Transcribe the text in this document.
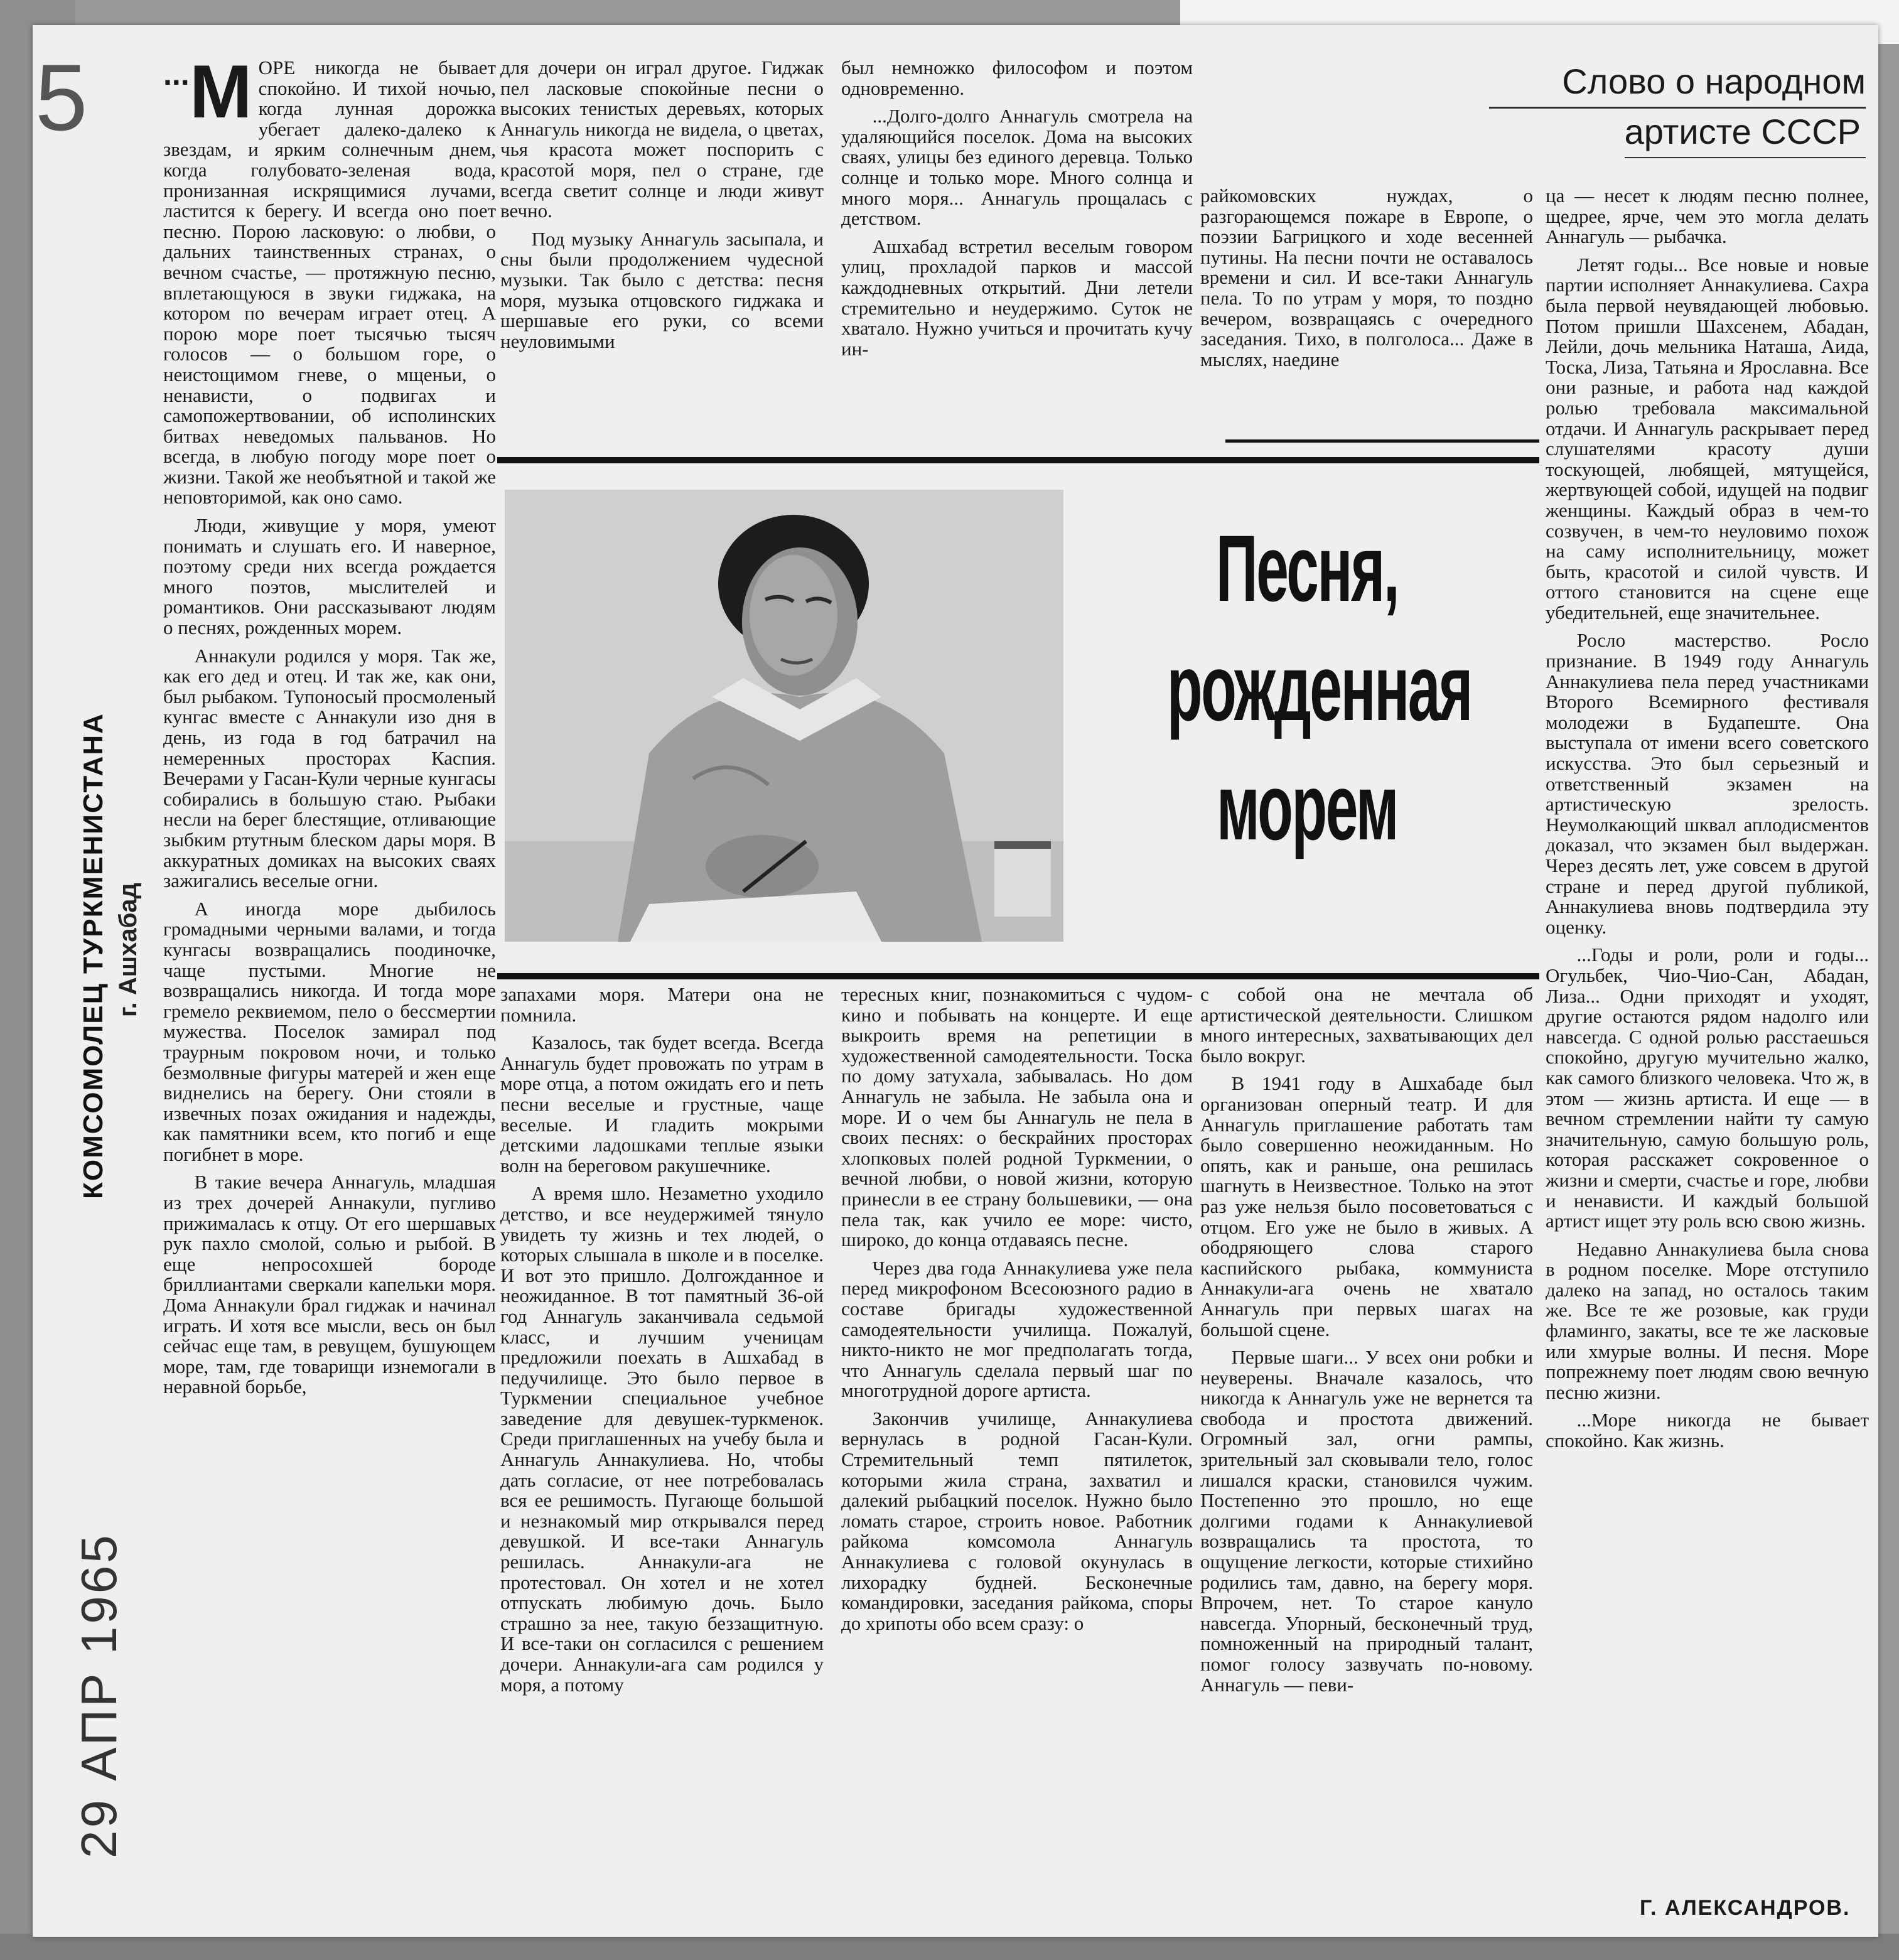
5
КОМСОМОЛЕЦ ТУРКМЕНИСТАНА г. Ашхабад
29 АПР 1965

...М ОРЕ никогда не бывает спокойно. И тихой ночью, когда лунная дорожка убегает далеко-далеко к звездам, и ярким солнечным днем, когда голубовато-зеленая вода, пронизанная искрящимися лучами, ластится к берегу. И всегда оно поет песню. Порою ласковую: о любви, о дальних таинственных странах, о вечном счастье, — протяжную песню, вплетающуюся в звуки гиджака, на котором по вечерам играет отец. А порою море поет тысячью тысяч голосов — о большом горе, о неистощимом гневе, о мщеньи, о ненависти, о подвигах и самопожертвовании, об исполинских битвах неведомых пальванов. Но всегда, в любую погоду море поет о жизни. Такой же необъятной и такой же неповторимой, как оно само.

Люди, живущие у моря, умеют понимать и слушать его. И наверное, поэтому среди них всегда рождается много поэтов, мыслителей и романтиков. Они рассказывают людям о песнях, рожденных морем.

Аннакули родился у моря. Так же, как его дед и отец. И так же, как они, был рыбаком. Тупоносый просмоленый кунгас вместе с Аннакули изо дня в день, из года в год батрачил на немеренных просторах Каспия. Вечерами у Гасан-Кули черные кунгасы собирались в большую стаю. Рыбаки несли на берег блестящие, отливающие зыбким ртутным блеском дары моря. В аккуратных домиках на высоких сваях зажигались веселые огни.

А иногда море дыбилось громадными черными валами, и тогда кунгасы возвращались поодиночке, чаще пустыми. Многие не возвращались никогда. И тогда море гремело реквиемом, пело о бессмертии мужества. Поселок замирал под траурным покровом ночи, и только безмолвные фигуры матерей и жен еще виднелись на берегу. Они стояли в извечных позах ожидания и надежды, как памятники всем, кто погиб и еще погибнет в море.

В такие вечера Аннагуль, младшая из трех дочерей Аннакули, пугливо прижималась к отцу. От его шершавых рук пахло смолой, солью и рыбой. В еще непросохшей бороде бриллиантами сверкали капельки моря. Дома Аннакули брал гиджак и начинал играть. И хотя все мысли, весь он был сейчас еще там, в ревущем, бушующем море, там, где товарищи изнемогали в неравной борьбе,

для дочери он играл другое. Гиджак пел ласковые спокойные песни о высоких тенистых деревьях, которых Аннагуль никогда не видела, о цветах, чья красота может поспорить с красотой моря, пел о стране, где всегда светит солнце и люди живут вечно.

Под музыку Аннагуль засыпала, и сны были продолжением чудесной музыки. Так было с детства: песня моря, музыка отцовского гиджака и шершавые его руки, со всеми неуловимыми

был немножко философом и поэтом одновременно.

...Долго-долго Аннагуль смотрела на удаляющийся поселок. Дома на высоких сваях, улицы без единого деревца. Только солнце и только море. Много солнца и много моря... Аннагуль прощалась с детством.

Ашхабад встретил веселым говором улиц, прохладой парков и массой каждодневных открытий. Дни летели стремительно и неудержимо. Суток не хватало. Нужно учиться и прочитать кучу ин-

райкомовских нуждах, о разгорающемся пожаре в Европе, о поэзии Багрицкого и ходе весенней путины. На песни почти не оставалось времени и сил. И все-таки Аннагуль пела. То по утрам у моря, то поздно вечером, возвращаясь с очередного заседания. Тихо, в полголоса... Даже в мыслях, наедине

Слово о народном
артисте СССР
Песня,
рожденная
морем

запахами моря. Матери она не помнила.

Казалось, так будет всегда. Всегда Аннагуль будет провожать по утрам в море отца, а потом ожидать его и петь песни веселые и грустные, чаще веселые. И гладить мокрыми детскими ладошками теплые языки волн на береговом ракушечнике.

А время шло. Незаметно уходило детство, и все неудержимей тянуло увидеть ту жизнь и тех людей, о которых слышала в школе и в поселке. И вот это пришло. Долгожданное и неожиданное. В тот памятный 36-ой год Аннагуль заканчивала седьмой класс, и лучшим ученицам предложили поехать в Ашхабад в педучилище. Это было первое в Туркмении специальное учебное заведение для девушек-туркменок. Среди приглашенных на учебу была и Аннагуль Аннакулиева. Но, чтобы дать согласие, от нее потребовалась вся ее решимость. Пугающе большой и незнакомый мир открывался перед девушкой. И все-таки Аннагуль решилась. Аннакули-ага не протестовал. Он хотел и не хотел отпускать любимую дочь. Было страшно за нее, такую беззащитную. И все-таки он согласился с решением дочери. Аннакули-ага сам родился у моря, а потому

тересных книг, познакомиться с чудом-кино и побывать на концерте. И еще выкроить время на репетиции в художественной самодеятельности. Тоска по дому затухала, забывалась. Но дом Аннагуль не забыла. Не забыла она и море. И о чем бы Аннагуль не пела в своих песнях: о бескрайних просторах хлопковых полей родной Туркмении, о вечной любви, о новой жизни, которую принесли в ее страну большевики, — она пела так, как учило ее море: чисто, широко, до конца отдаваясь песне.

Через два года Аннакулиева уже пела перед микрофоном Всесоюзного радио в составе бригады художественной самодеятельности училища. Пожалуй, никто-никто не мог предполагать тогда, что Аннагуль сделала первый шаг по многотрудной дороге артиста.

Закончив училище, Аннакулиева вернулась в родной Гасан-Кули. Стремительный темп пятилеток, которыми жила страна, захватил и далекий рыбацкий поселок. Нужно было ломать старое, строить новое. Работник райкома комсомола Аннагуль Аннакулиева с головой окунулась в лихорадку будней. Бесконечные командировки, заседания райкома, споры до хрипоты обо всем сразу: о

с собой она не мечтала об артистической деятельности. Слишком много интересных, захватывающих дел было вокруг.

В 1941 году в Ашхабаде был организован оперный театр. И для Аннагуль приглашение работать там было совершенно неожиданным. Но опять, как и раньше, она решилась шагнуть в Неизвестное. Только на этот раз уже нельзя было посоветоваться с отцом. Его уже не было в живых. А ободряющего слова старого каспийского рыбака, коммуниста Аннакули-ага очень не хватало Аннагуль при первых шагах на большой сцене.

Первые шаги... У всех они робки и неуверены. Вначале казалось, что никогда к Аннагуль уже не вернется та свобода и простота движений. Огромный зал, огни рампы, зрительный зал сковывали тело, голос лишался краски, становился чужим. Постепенно это прошло, но еще долгими годами к Аннакулиевой возвращались та простота, то ощущение легкости, которые стихийно родились там, давно, на берегу моря. Впрочем, нет. То старое кануло навсегда. Упорный, бесконечный труд, помноженный на природный талант, помог голосу зазвучать по-новому. Аннагуль — певи-

ца — несет к людям песню полнее, щедрее, ярче, чем это могла делать Аннагуль — рыбачка.

Летят годы... Все новые и новые партии исполняет Аннакулиева. Сахра была первой неувядающей любовью. Потом пришли Шахсенем, Абадан, Лейли, дочь мельника Наташа, Аида, Тоска, Лиза, Татьяна и Ярославна. Все они разные, и работа над каждой ролью требовала максимальной отдачи. И Аннагуль раскрывает перед слушателями красоту души тоскующей, любящей, мятущейся, жертвующей собой, идущей на подвиг женщины. Каждый образ в чем-то созвучен, в чем-то неуловимо похож на саму исполнительницу, может быть, красотой и силой чувств. И оттого становится на сцене еще убедительней, еще значительнее.

Росло мастерство. Росло признание. В 1949 году Аннагуль Аннакулиева пела перед участниками Второго Всемирного фестиваля молодежи в Будапеште. Она выступала от имени всего советского искусства. Это был серьезный и ответственный экзамен на артистическую зрелость. Неумолкающий шквал аплодисментов доказал, что экзамен был выдержан. Через десять лет, уже совсем в другой стране и перед другой публикой, Аннакулиева вновь подтвердила эту оценку.

...Годы и роли, роли и годы... Огульбек, Чио-Чио-Сан, Абадан, Лиза... Одни приходят и уходят, другие остаются рядом надолго или навсегда. С одной ролью расстаешься спокойно, другую мучительно жалко, как самого близкого человека. Что ж, в этом — жизнь артиста. И еще — в вечном стремлении найти ту самую значительную, самую большую роль, которая расскажет сокровенное о жизни и смерти, счастье и горе, любви и ненависти. И каждый большой артист ищет эту роль всю свою жизнь.

Недавно Аннакулиева была снова в родном поселке. Море отступило далеко на запад, но осталось таким же. Все те же розовые, как груди фламинго, закаты, все те же ласковые или хмурые волны. И песня. Море попрежнему поет людям свою вечную песню жизни.

...Море никогда не бывает спокойно. Как жизнь.

Г. АЛЕКСАНДРОВ.
